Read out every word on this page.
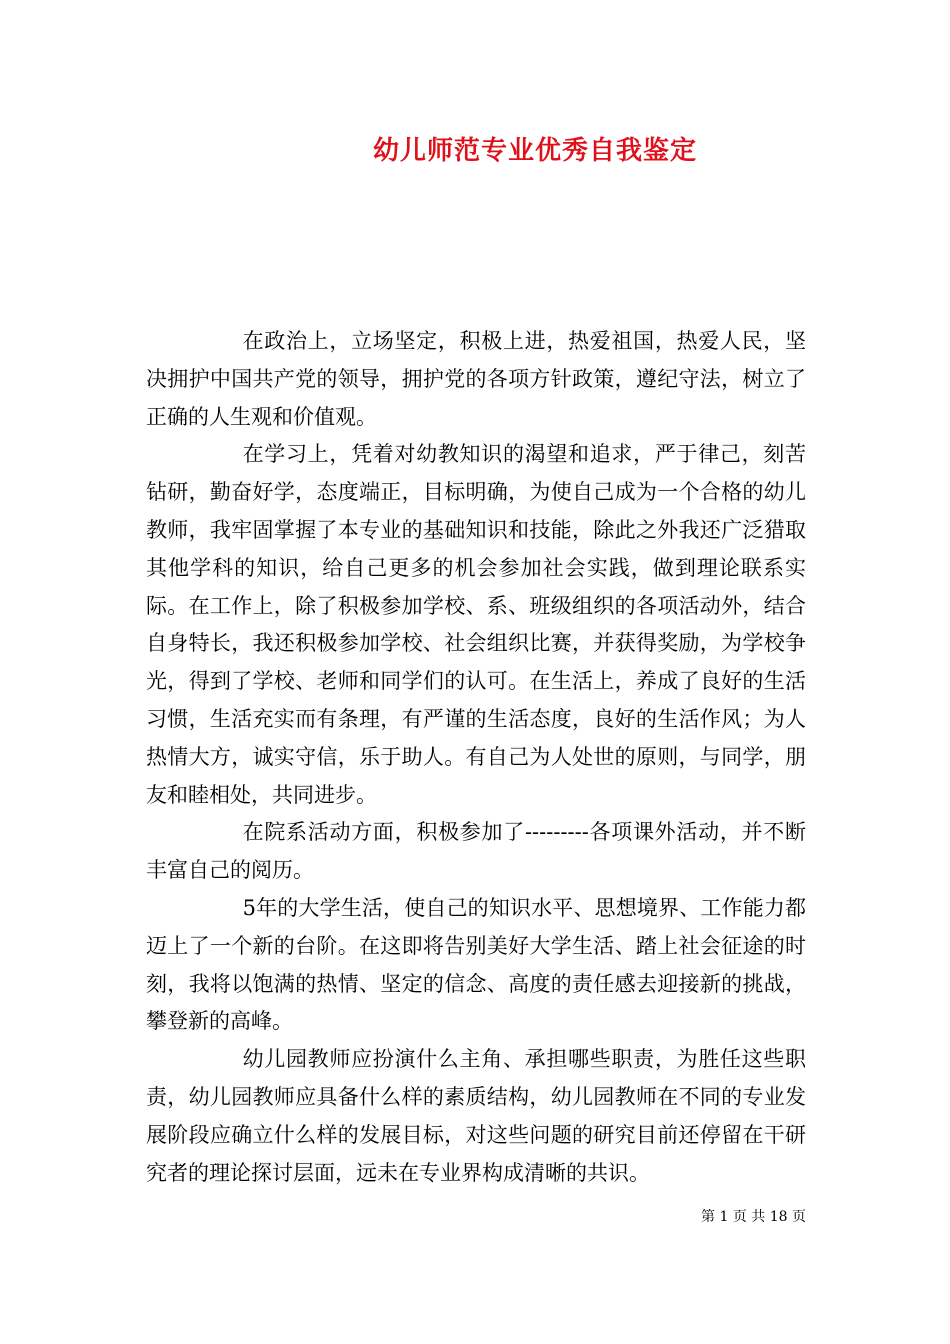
幼儿师范专业优秀自我鉴定

在政治上，立场坚定，积极上进，热爱祖国，热爱人民，坚决拥护中国共产党的领导，拥护党的各项方针政策，遵纪守法，树立了正确的人生观和价值观。

在学习上，凭着对幼教知识的渴望和追求，严于律己，刻苦钻研，勤奋好学，态度端正，目标明确，为使自己成为一个合格的幼儿教师，我牢固掌握了本专业的基础知识和技能，除此之外我还广泛猎取其他学科的知识，给自己更多的机会参加社会实践，做到理论联系实际。在工作上，除了积极参加学校、系、班级组织的各项活动外，结合自身特长，我还积极参加学校、社会组织比赛，并获得奖励，为学校争光，得到了学校、老师和同学们的认可。在生活上，养成了良好的生活习惯，生活充实而有条理，有严谨的生活态度，良好的生活作风；为人热情大方，诚实守信，乐于助人。有自己为人处世的原则，与同学，朋友和睦相处，共同进步。

在院系活动方面，积极参加了---------各项课外活动，并不断丰富自己的阅历。

5年的大学生活，使自己的知识水平、思想境界、工作能力都迈上了一个新的台阶。在这即将告别美好大学生活、踏上社会征途的时刻，我将以饱满的热情、坚定的信念、高度的责任感去迎接新的挑战，攀登新的高峰。

幼儿园教师应扮演什么主角、承担哪些职责，为胜任这些职责，幼儿园教师应具备什么样的素质结构，幼儿园教师在不同的专业发展阶段应确立什么样的发展目标，对这些问题的研究目前还停留在干研究者的理论探讨层面，远未在专业界构成清晰的共识。

第 1 页 共 18 页
